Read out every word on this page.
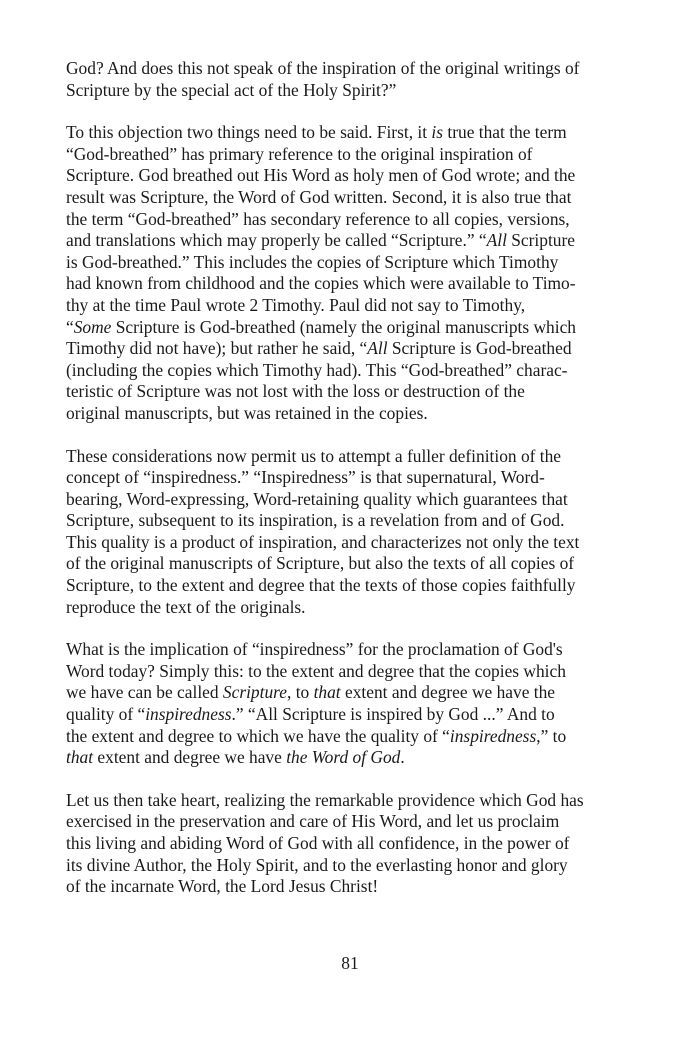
God? And does this not speak of the inspiration of the original writings of
Scripture by the special act of the Holy Spirit?”

To this objection two things need to be said. First, it is true that the term
“God-breathed” has primary reference to the original inspiration of
Scripture. God breathed out His Word as holy men of God wrote; and the
result was Scripture, the Word of God written. Second, it is also true that
the term “God-breathed” has secondary reference to all copies, versions,
and translations which may properly be called “Scripture.” “All Scripture
is God-breathed.” This includes the copies of Scripture which Timothy
had known from childhood and the copies which were available to Timo-
thy at the time Paul wrote 2 Timothy. Paul did not say to Timothy,
“Some Scripture is God-breathed (namely the original manuscripts which
Timothy did not have); but rather he said, “All Scripture is God-breathed
(including the copies which Timothy had). This “God-breathed” charac-
teristic of Scripture was not lost with the loss or destruction of the
original manuscripts, but was retained in the copies.

These considerations now permit us to attempt a fuller definition of the
concept of “inspiredness.” “Inspiredness” is that supernatural, Word-
bearing, Word-expressing, Word-retaining quality which guarantees that
Scripture, subsequent to its inspiration, is a revelation from and of God.
This quality is a product of inspiration, and characterizes not only the text
of the original manuscripts of Scripture, but also the texts of all copies of
Scripture, to the extent and degree that the texts of those copies faithfully
reproduce the text of the originals.

What is the implication of “inspiredness” for the proclamation of God's
Word today? Simply this: to the extent and degree that the copies which
we have can be called Scripture, to that extent and degree we have the
quality of “inspiredness.” “All Scripture is inspired by God ...” And to
the extent and degree to which we have the quality of “inspiredness,” to
that extent and degree we have the Word of God.

Let us then take heart, realizing the remarkable providence which God has
exercised in the preservation and care of His Word, and let us proclaim
this living and abiding Word of God with all confidence, in the power of
its divine Author, the Holy Spirit, and to the everlasting honor and glory
of the incarnate Word, the Lord Jesus Christ!

81
